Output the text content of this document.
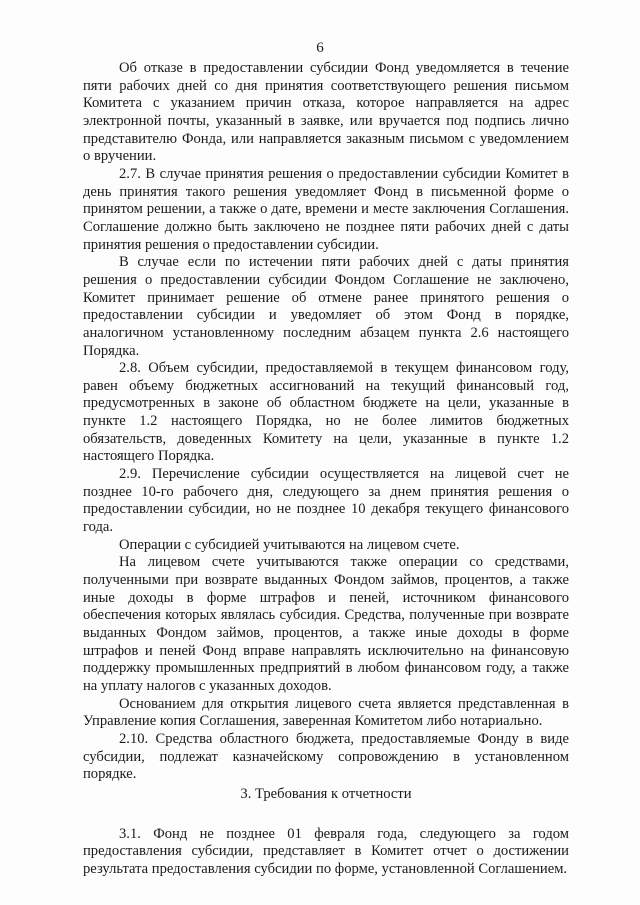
6

Об отказе в предоставлении субсидии Фонд уведомляется в течение пяти рабочих дней со дня принятия соответствующего решения письмом Комитета с указанием причин отказа, которое направляется на адрес электронной почты, указанный в заявке, или вручается под подпись лично представителю Фонда, или направляется заказным письмом с уведомлением о вручении.

2.7. В случае принятия решения о предоставлении субсидии Комитет в день принятия такого решения уведомляет Фонд в письменной форме о принятом решении, а также о дате, времени и месте заключения Соглашения. Соглашение должно быть заключено не позднее пяти рабочих дней с даты принятия решения о предоставлении субсидии.

В случае если по истечении пяти рабочих дней с даты принятия решения о предоставлении субсидии Фондом Соглашение не заключено, Комитет принимает решение об отмене ранее принятого решения о предоставлении субсидии и уведомляет об этом Фонд в порядке, аналогичном установленному последним абзацем пункта 2.6 настоящего Порядка.

2.8. Объем субсидии, предоставляемой в текущем финансовом году, равен объему бюджетных ассигнований на текущий финансовый год, предусмотренных в законе об областном бюджете на цели, указанные в пункте 1.2 настоящего Порядка, но не более лимитов бюджетных обязательств, доведенных Комитету на цели, указанные в пункте 1.2 настоящего Порядка.

2.9. Перечисление субсидии осуществляется на лицевой счет не позднее 10-го рабочего дня, следующего за днем принятия решения о предоставлении субсидии, но не позднее 10 декабря текущего финансового года.

Операции с субсидией учитываются на лицевом счете.

На лицевом счете учитываются также операции со средствами, полученными при возврате выданных Фондом займов, процентов, а также иные доходы в форме штрафов и пеней, источником финансового обеспечения которых являлась субсидия. Средства, полученные при возврате выданных Фондом займов, процентов, а также иные доходы в форме штрафов и пеней Фонд вправе направлять исключительно на финансовую поддержку промышленных предприятий в любом финансовом году, а также на уплату налогов с указанных доходов.

Основанием для открытия лицевого счета является представленная в Управление копия Соглашения, заверенная Комитетом либо нотариально.

2.10. Средства областного бюджета, предоставляемые Фонду в виде субсидии, подлежат казначейскому сопровождению в установленном порядке.

3. Требования к отчетности

3.1. Фонд не позднее 01 февраля года, следующего за годом предоставления субсидии, представляет в Комитет отчет о достижении результата предоставления субсидии по форме, установленной Соглашением.
